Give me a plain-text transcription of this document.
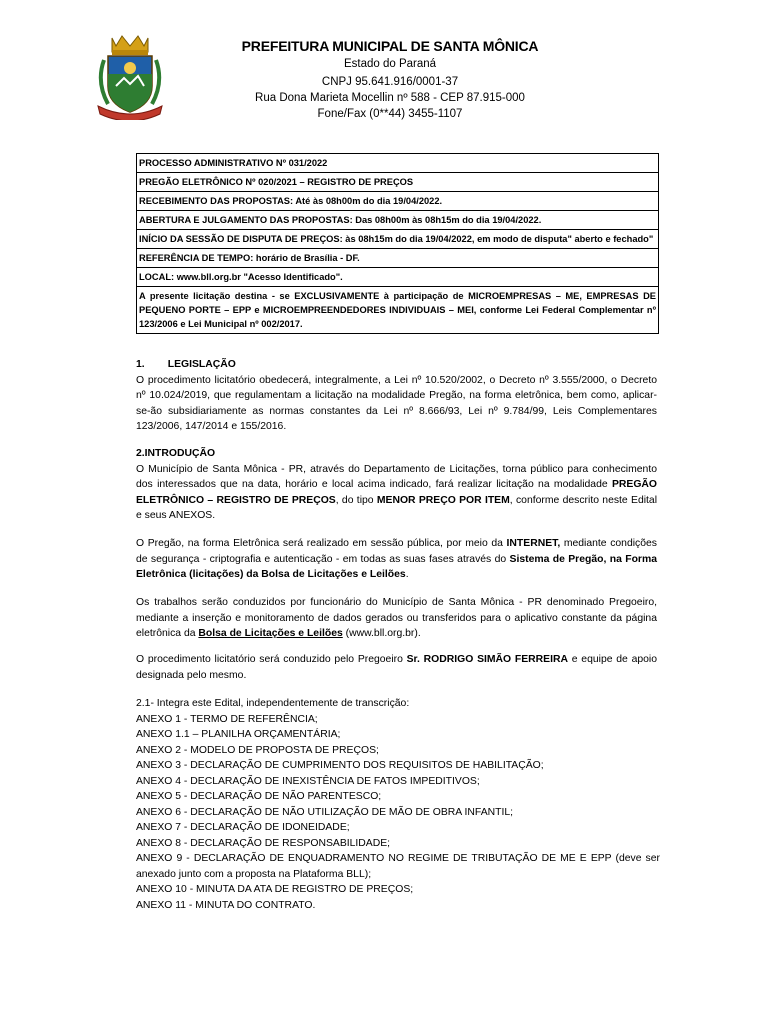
PREFEITURA MUNICIPAL DE SANTA MÔNICA
Estado do Paraná
CNPJ 95.641.916/0001-37
Rua Dona Marieta Mocellin nº 588 - CEP 87.915-000
Fone/Fax (0**44) 3455-1107
PROCESSO ADMINISTRATIVO Nº 031/2022
PREGÃO ELETRÔNICO Nº 020/2021 – REGISTRO DE PREÇOS
RECEBIMENTO DAS PROPOSTAS: Até às 08h00m do dia 19/04/2022.
ABERTURA E JULGAMENTO DAS PROPOSTAS: Das 08h00m às 08h15m do dia 19/04/2022.
INÍCIO DA SESSÃO DE DISPUTA DE PREÇOS: às 08h15m do dia 19/04/2022, em modo de disputa" aberto e fechado"
REFERÊNCIA DE TEMPO: horário de Brasília - DF.
LOCAL: www.bll.org.br "Acesso Identificado".
A presente licitação destina - se EXCLUSIVAMENTE à participação de MICROEMPRESAS – ME, EMPRESAS DE PEQUENO PORTE – EPP e MICROEMPREENDEDORES INDIVIDUAIS – MEI, conforme Lei Federal Complementar nº 123/2006 e Lei Municipal nº 002/2017.
1.        LEGISLAÇÃO
O procedimento licitatório obedecerá, integralmente, a Lei nº 10.520/2002, o Decreto nº 3.555/2000, o Decreto nº 10.024/2019, que regulamentam a licitação na modalidade Pregão, na forma eletrônica, bem como, aplicar-se-ão subsidiariamente as normas constantes da Lei nº 8.666/93, Lei nº 9.784/99, Leis Complementares 123/2006, 147/2014 e 155/2016.
2.INTRODUÇÃO
O Município de Santa Mônica - PR, através do Departamento de Licitações, torna público para conhecimento dos interessados que na data, horário e local acima indicado, fará realizar licitação na modalidade PREGÃO ELETRÔNICO – REGISTRO DE PREÇOS, do tipo MENOR PREÇO POR ITEM, conforme descrito neste Edital e seus ANEXOS.
O Pregão, na forma Eletrônica será realizado em sessão pública, por meio da INTERNET, mediante condições de segurança - criptografia e autenticação - em todas as suas fases através do Sistema de Pregão, na Forma Eletrônica (licitações) da Bolsa de Licitações e Leilões.
Os trabalhos serão conduzidos por funcionário do Município de Santa Mônica - PR denominado Pregoeiro, mediante a inserção e monitoramento de dados gerados ou transferidos para o aplicativo constante da página eletrônica da Bolsa de Licitações e Leilões (www.bll.org.br).
O procedimento licitatório será conduzido pelo Pregoeiro Sr. RODRIGO SIMÃO FERREIRA e equipe de apoio designada pelo mesmo.
2.1- Integra este Edital, independentemente de transcrição:
ANEXO 1 - TERMO DE REFERÊNCIA;
ANEXO 1.1 – PLANILHA ORÇAMENTÁRIA;
ANEXO 2 - MODELO DE PROPOSTA DE PREÇOS;
ANEXO 3 - DECLARAÇÃO DE CUMPRIMENTO DOS REQUISITOS DE HABILITAÇÃO;
ANEXO 4 - DECLARAÇÃO DE INEXISTÊNCIA DE FATOS IMPEDITIVOS;
ANEXO 5 - DECLARAÇÃO DE NÃO PARENTESCO;
ANEXO 6 - DECLARAÇÃO DE NÃO UTILIZAÇÃO DE MÃO DE OBRA INFANTIL;
ANEXO 7 - DECLARAÇÃO DE IDONEIDADE;
ANEXO 8 - DECLARAÇÃO DE RESPONSABILIDADE;
ANEXO 9 - DECLARAÇÃO DE ENQUADRAMENTO NO REGIME DE TRIBUTAÇÃO DE ME E EPP (deve ser anexado junto com a proposta na Plataforma BLL);
ANEXO 10 - MINUTA DA ATA DE REGISTRO DE PREÇOS;
ANEXO 11 - MINUTA DO CONTRATO.
